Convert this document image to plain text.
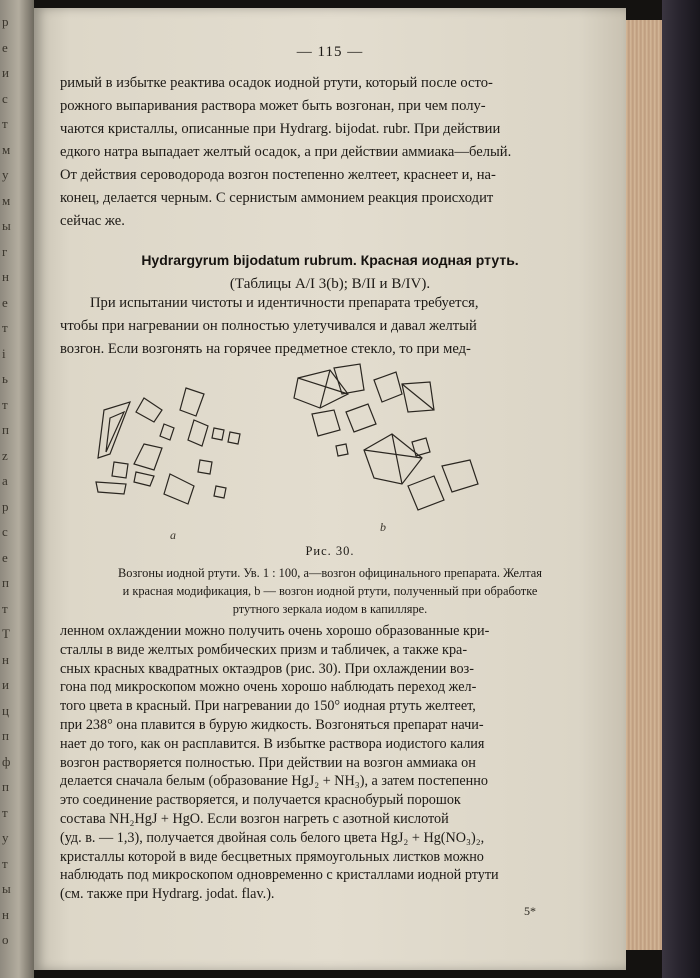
р
е
и
с
т
м
у
м
ы
г
н
е
т
i
ь
т
п
z
а
р
с
е
п
т
Т
н
и
ц
п
ф
п
т
у
т
ы
н
о
— 115 —
римый в избытке реактива осадок иодной ртути, который после осто-
рожного выпаривания раствора может быть возгонан, при чем полу-
чаются кристаллы, описанные при Hydrarg. bijodat. rubr. При действии
едкого натра выпадает желтый осадок, а при действии аммиака—белый.
От действия сероводорода возгон постепенно желтеет, краснеет и, на-
конец, делается черным. С сернистым аммонием реакция происходит
сейчас же.
Hydrargyrum bijodatum rubrum. Красная иодная ртуть.
(Таблицы A/I 3(b); B/II и B/IV).
При испытании чистоты и идентичности препарата требуется,
чтобы при нагревании он полностью улетучивался и давал желтый
возгон. Если возгонять на горячее предметное стекло, то при мед-
a
b
Рис. 30.
Возгоны иодной ртути. Ув. 1 : 100, a—возгон официнального препарата. Желтая
и красная модификация, b — возгон иодной ртути, полученный при обработке
ртутного зеркала иодом в капилляре.
ленном охлаждении можно получить очень хорошо образованные кри-
сталлы в виде желтых ромбических призм и табличек, а также кра-
сных красных квадратных октаэдров (рис. 30). При охлаждении воз-
гона под микроскопом можно очень хорошо наблюдать переход жел-
того цвета в красный. При нагревании до 150° иодная ртуть желтеет,
при 238° она плавится в бурую жидкость. Возгоняться препарат начи-
нает до того, как он расплавится. В избытке раствора иодистого калия
возгон растворяется полностью. При действии на возгон аммиака он
делается сначала белым (образование HgJ₂ + NH₃), а затем постепенно
это соединение растворяется, и получается краснобурый порошок
состава NH₂HgJ + HgO. Если возгон нагреть с азотной кислотой
(уд. в. — 1,3), получается двойная соль белого цвета HgJ₂ + Hg(NO₃)₂,
кристаллы которой в виде бесцветных прямоугольных листков можно
наблюдать под микроскопом одновременно с кристаллами иодной ртути
(см. также при Hydrarg. jodat. flav.).
5*
